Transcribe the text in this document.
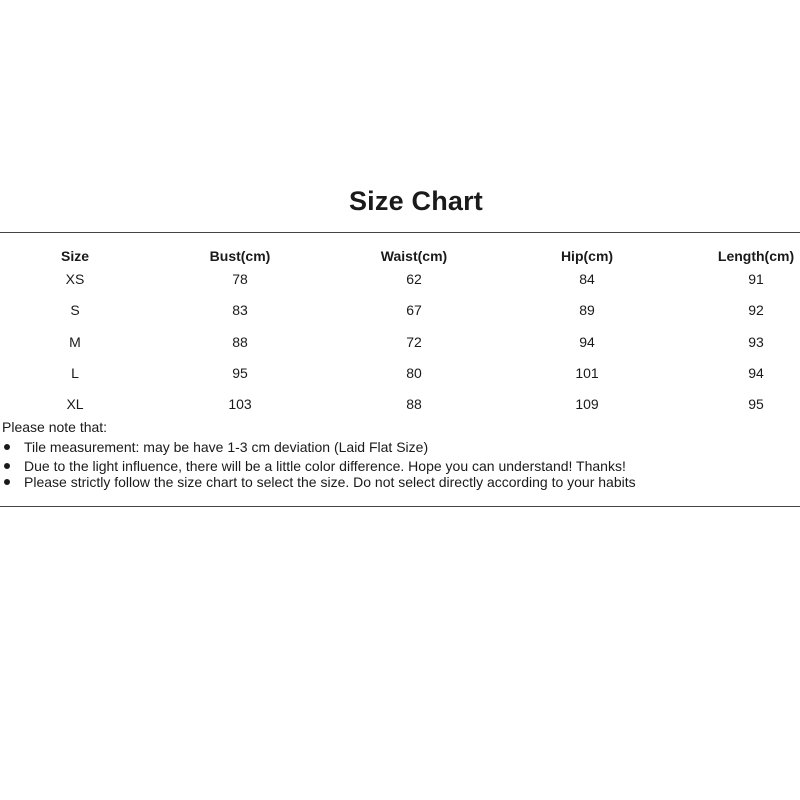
Size Chart
Size	Bust(cm)	Waist(cm)	Hip(cm)	Length(cm)
XS	78	62	84	91
S	83	67	89	92
M	88	72	94	93
L	95	80	101	94
XL	103	88	109	95
Please note that:
Tile measurement: may be have 1-3 cm deviation (Laid Flat Size)
Due to the light influence, there will be a little color difference. Hope you can understand! Thanks!
Please strictly follow the size chart to select the size. Do not select directly according to your habits
